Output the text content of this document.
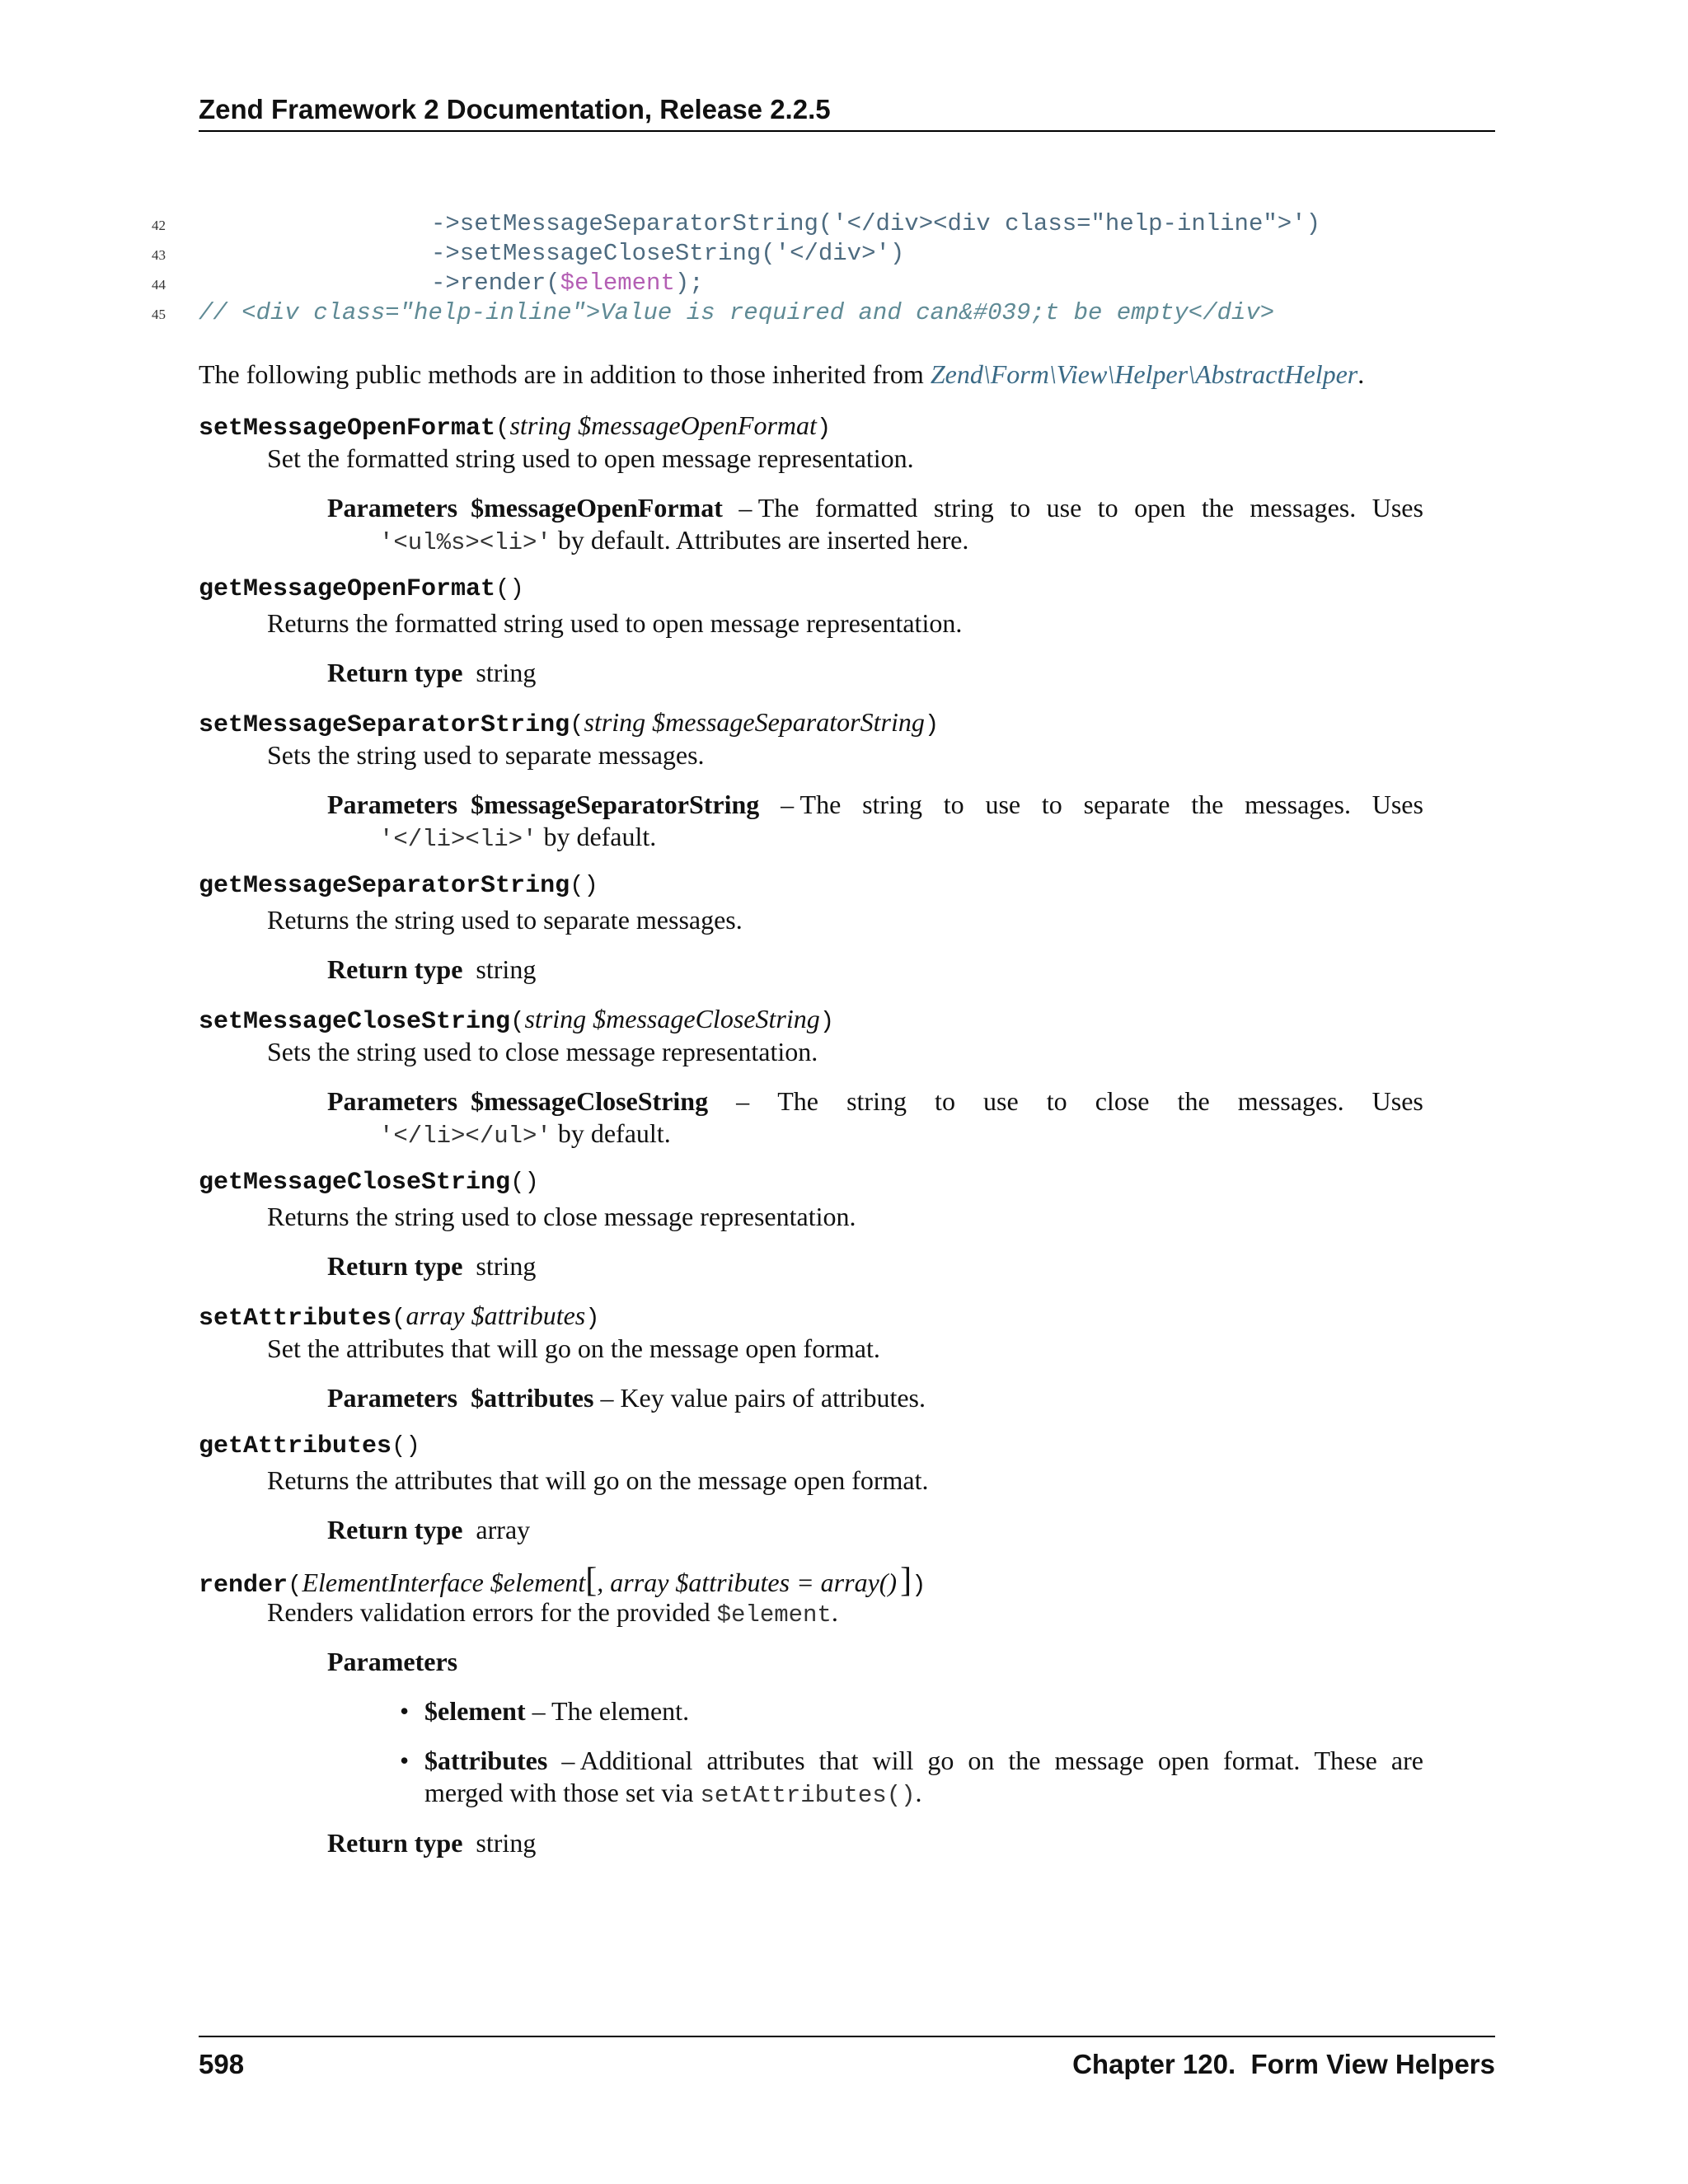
Zend Framework 2 Documentation, Release 2.2.5
42	->setMessageSeparatorString('</div><div class="help-inline">')
43	->setMessageCloseString('</div>')
44	->render($element);
45 // <div class="help-inline">Value is required and can&#039;t be empty</div>
The following public methods are in addition to those inherited from Zend\Form\View\Helper\AbstractHelper.
setMessageOpenFormat(string $messageOpenFormat)
Set the formatted string used to open message representation.
Parameters $messageOpenFormat – The formatted string to use to open the messages. Uses
'<ul%s><li>' by default. Attributes are inserted here.
getMessageOpenFormat()
Returns the formatted string used to open message representation.
Return type string
setMessageSeparatorString(string $messageSeparatorString)
Sets the string used to separate messages.
Parameters $messageSeparatorString – The string to use to separate the messages. Uses
'</li><li>' by default.
getMessageSeparatorString()
Returns the string used to separate messages.
Return type string
setMessageCloseString(string $messageCloseString)
Sets the string used to close message representation.
Parameters $messageCloseString – The string to use to close the messages. Uses
'</li></ul>' by default.
getMessageCloseString()
Returns the string used to close message representation.
Return type string
setAttributes(array $attributes)
Set the attributes that will go on the message open format.
Parameters $attributes – Key value pairs of attributes.
getAttributes()
Returns the attributes that will go on the message open format.
Return type array
render(ElementInterface $element[, array $attributes = array() ])
Renders validation errors for the provided $element.
Parameters
• $element – The element.
• $attributes – Additional attributes that will go on the message open format. These are
merged with those set via setAttributes().
Return type string
598	Chapter 120.  Form View Helpers
